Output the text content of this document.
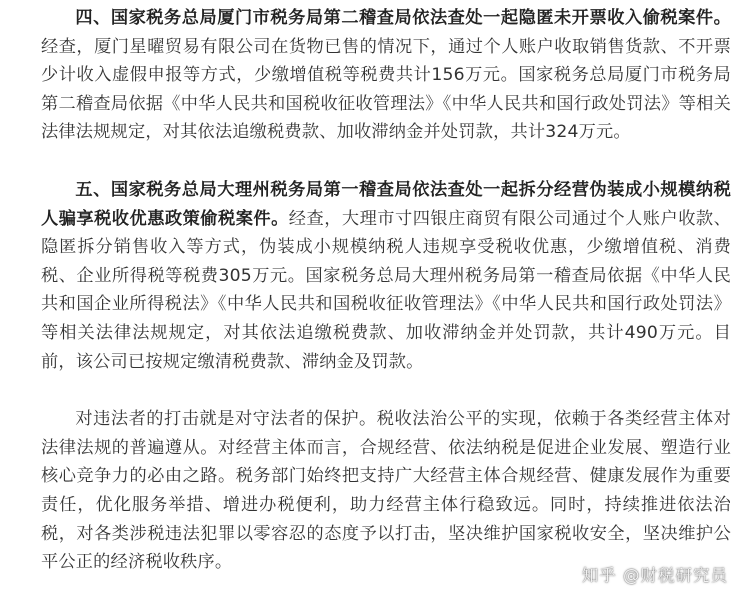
四、国家税务总局厦门市税务局第二稽查局依法查处一起隐匿未开票收入偷税案件。经查，厦门星曜贸易有限公司在货物已售的情况下，通过个人账户收取销售货款、不开票少计收入虚假申报等方式，少缴增值税等税费共计156万元。国家税务总局厦门市税务局第二稽查局依据《中华人民共和国税收征收管理法》《中华人民共和国行政处罚法》等相关法律法规规定，对其依法追缴税费款、加收滞纳金并处罚款，共计324万元。

五、国家税务总局大理州税务局第一稽查局依法查处一起拆分经营伪装成小规模纳税人骗享税收优惠政策偷税案件。经查，大理市寸四银庄商贸有限公司通过个人账户收款、隐匿拆分销售收入等方式，伪装成小规模纳税人违规享受税收优惠，少缴增值税、消费税、企业所得税等税费305万元。国家税务总局大理州税务局第一稽查局依据《中华人民共和国企业所得税法》《中华人民共和国税收征收管理法》《中华人民共和国行政处罚法》等相关法律法规规定，对其依法追缴税费款、加收滞纳金并处罚款，共计490万元。目前，该公司已按规定缴清税费款、滞纳金及罚款。

对违法者的打击就是对守法者的保护。税收法治公平的实现，依赖于各类经营主体对法律法规的普遍遵从。对经营主体而言，合规经营、依法纳税是促进企业发展、塑造行业核心竞争力的必由之路。税务部门始终把支持广大经营主体合规经营、健康发展作为重要责任，优化服务举措、增进办税便利，助力经营主体行稳致远。同时，持续推进依法治税，对各类涉税违法犯罪以零容忍的态度予以打击，坚决维护国家税收安全，坚决维护公平公正的经济税收秩序。

知乎 @财税研究员
